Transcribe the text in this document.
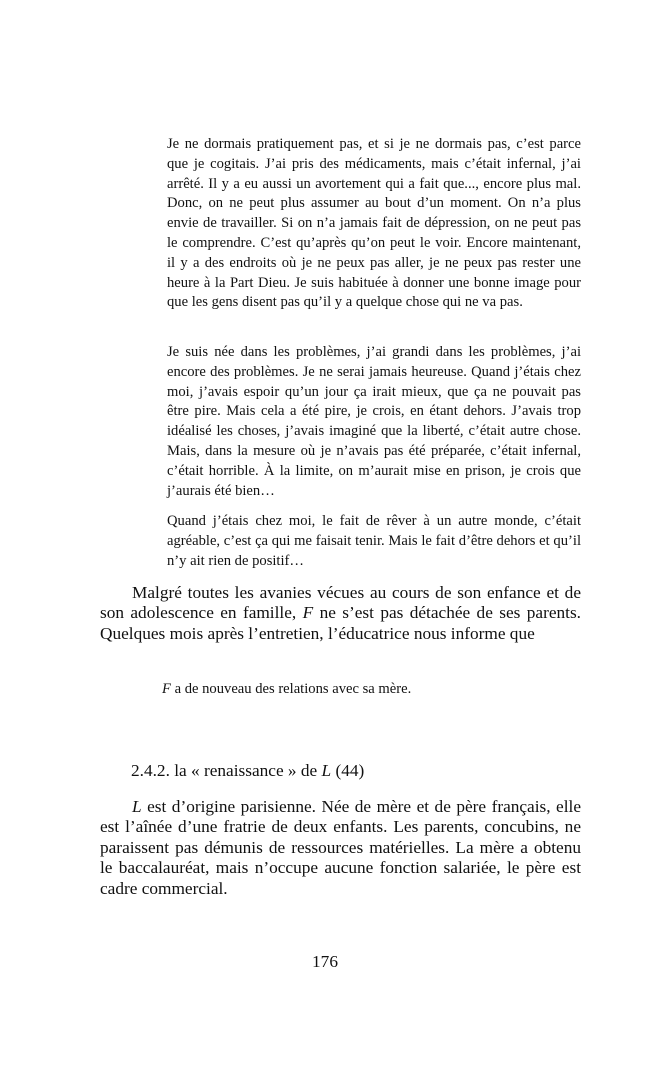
Je ne dormais pratiquement pas, et si je ne dormais pas, c’est parce que je cogitais. J’ai pris des médicaments, mais c’était infernal, j’ai arrêté. Il y a eu aussi un avortement qui a fait que..., encore plus mal. Donc, on ne peut plus assumer au bout d’un moment. On n’a plus envie de travailler. Si on n’a jamais fait de dépression, on ne peut pas le comprendre. C’est qu’après qu’on peut le voir. Encore maintenant, il y a des endroits où je ne peux pas aller, je ne peux pas rester une heure à la Part Dieu. Je suis habituée à donner une bonne image pour que les gens disent pas qu’il y a quelque chose qui ne va pas.

Je suis née dans les problèmes, j’ai grandi dans les problèmes, j’ai encore des problèmes. Je ne serai jamais heureuse. Quand j’étais chez moi, j’avais espoir qu’un jour ça irait mieux, que ça ne pouvait pas être pire. Mais cela a été pire, je crois, en étant dehors. J’avais trop idéalisé les choses, j’avais imaginé que la liberté, c’était autre chose. Mais, dans la mesure où je n’avais pas été préparée, c’était infernal, c’était horrible. À la limite, on m’aurait mise en prison, je crois que j’aurais été bien…

Quand j’étais chez moi, le fait de rêver à un autre monde, c’était agréable, c’est ça qui me faisait tenir. Mais le fait d’être dehors et qu’il n’y ait rien de positif…

Malgré toutes les avanies vécues au cours de son enfance et de son adolescence en famille, F ne s’est pas détachée de ses parents. Quelques mois après l’entretien, l’éducatrice nous informe que

F a de nouveau des relations avec sa mère.

2.4.2. la « renaissance » de L (44)

L est d’origine parisienne. Née de mère et de père français, elle est l’aînée d’une fratrie de deux enfants. Les parents, concubins, ne paraissent pas démunis de ressources matérielles. La mère a obtenu le baccalauréat, mais n’occupe aucune fonction salariée, le père est cadre commercial.

176
